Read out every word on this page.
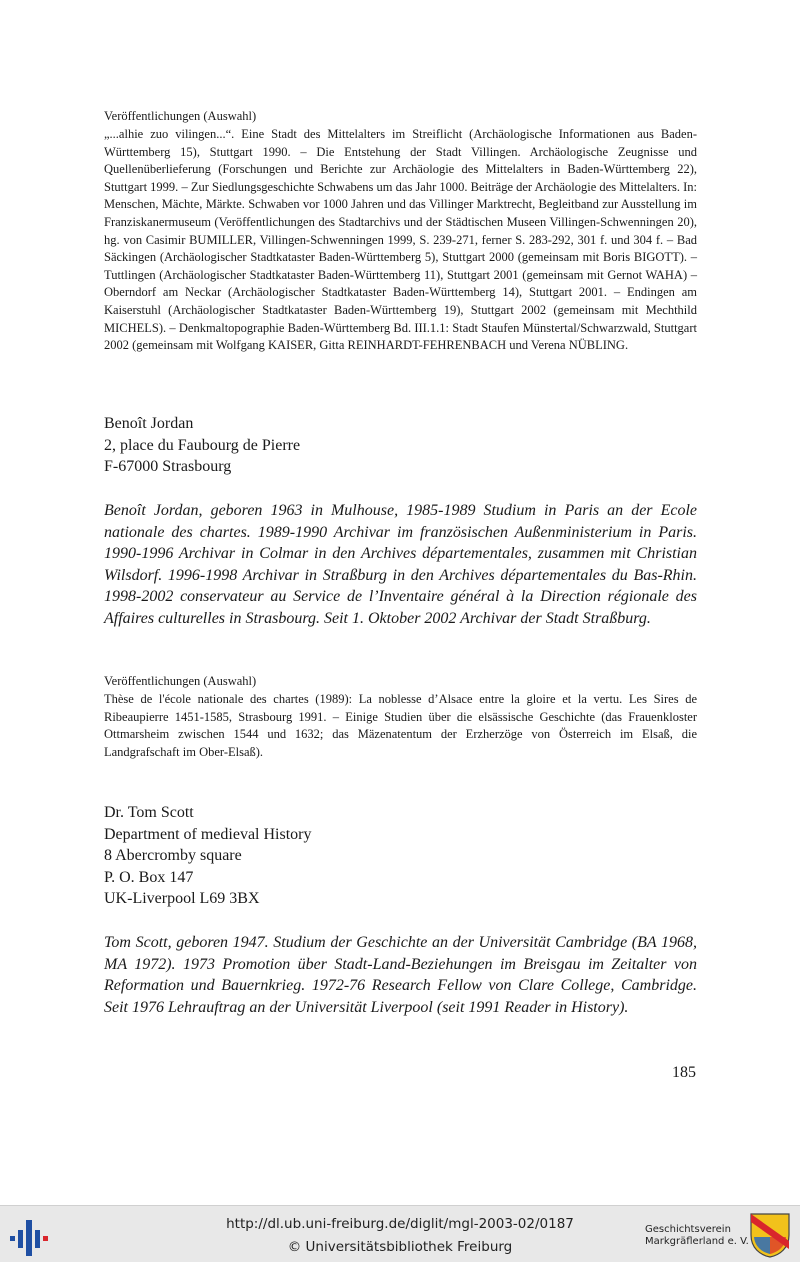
Veröffentlichungen (Auswahl)

„...alhie zuo vilingen...“. Eine Stadt des Mittelalters im Streiflicht (Archäologische Informationen aus Baden-Württemberg 15), Stuttgart 1990. – Die Entstehung der Stadt Villingen. Archäologische Zeugnisse und Quellenüberlieferung (Forschungen und Berichte zur Archäologie des Mittelalters in Baden-Württemberg 22), Stuttgart 1999. – Zur Siedlungsgeschichte Schwabens um das Jahr 1000. Beiträge der Archäologie des Mittelalters. In: Menschen, Mächte, Märkte. Schwaben vor 1000 Jahren und das Villinger Marktrecht, Begleitband zur Ausstellung im Franziskanermuseum (Veröffentlichungen des Stadtarchivs und der Städtischen Museen Villingen-Schwenningen 20), hg. von Casimir BUMILLER, Villingen-Schwenningen 1999, S. 239-271, ferner S. 283-292, 301 f. und 304 f. – Bad Säckingen (Archäologischer Stadtkataster Baden-Württemberg 5), Stuttgart 2000 (gemeinsam mit Boris BIGOTT). – Tuttlingen (Archäologischer Stadtkataster Baden-Württemberg 11), Stuttgart 2001 (gemeinsam mit Gernot WAHA) – Oberndorf am Neckar (Archäologischer Stadtkataster Baden-Württemberg 14), Stuttgart 2001. – Endingen am Kaiserstuhl (Archäologischer Stadtkataster Baden-Württemberg 19), Stuttgart 2002 (gemeinsam mit Mechthild MICHELS). – Denkmaltopographie Baden-Württemberg Bd. III.1.1: Stadt Staufen Münstertal/Schwarzwald, Stuttgart 2002 (gemeinsam mit Wolfgang KAISER, Gitta REINHARDT-FEHRENBACH und Verena NÜBLING.

Benoît Jordan
2, place du Faubourg de Pierre
F-67000 Strasbourg

Benoît Jordan, geboren 1963 in Mulhouse, 1985-1989 Studium in Paris an der Ecole nationale des chartes. 1989-1990 Archivar im französischen Außenministerium in Paris. 1990-1996 Archivar in Colmar in den Archives départementales, zusammen mit Christian Wilsdorf. 1996-1998 Archivar in Straßburg in den Archives départementales du Bas-Rhin. 1998-2002 conservateur au Service de l’Inventaire général à la Direction régionale des Affaires culturelles in Strasbourg. Seit 1. Oktober 2002 Archivar der Stadt Straßburg.

Veröffentlichungen (Auswahl)

Thèse de l'école nationale des chartes (1989): La noblesse d’Alsace entre la gloire et la vertu. Les Sires de Ribeaupierre 1451-1585, Strasbourg 1991. – Einige Studien über die elsässische Geschichte (das Frauenkloster Ottmarsheim zwischen 1544 und 1632; das Mäzenatentum der Erzherzöge von Österreich im Elsaß, die Landgrafschaft im Ober-Elsaß).

Dr. Tom Scott
Department of medieval History
8 Abercromby square
P. O. Box 147
UK-Liverpool L69 3BX

Tom Scott, geboren 1947. Studium der Geschichte an der Universität Cambridge (BA 1968, MA 1972). 1973 Promotion über Stadt-Land-Beziehungen im Breisgau im Zeitalter von Reformation und Bauernkrieg. 1972-76 Research Fellow von Clare College, Cambridge. Seit 1976 Lehrauftrag an der Universität Liverpool (seit 1991 Reader in History).

185
http://dl.ub.uni-freiburg.de/diglit/mgl-2003-02/0187
© Universitätsbibliothek Freiburg
Geschichtsverein
Markgräflerland e. V.
